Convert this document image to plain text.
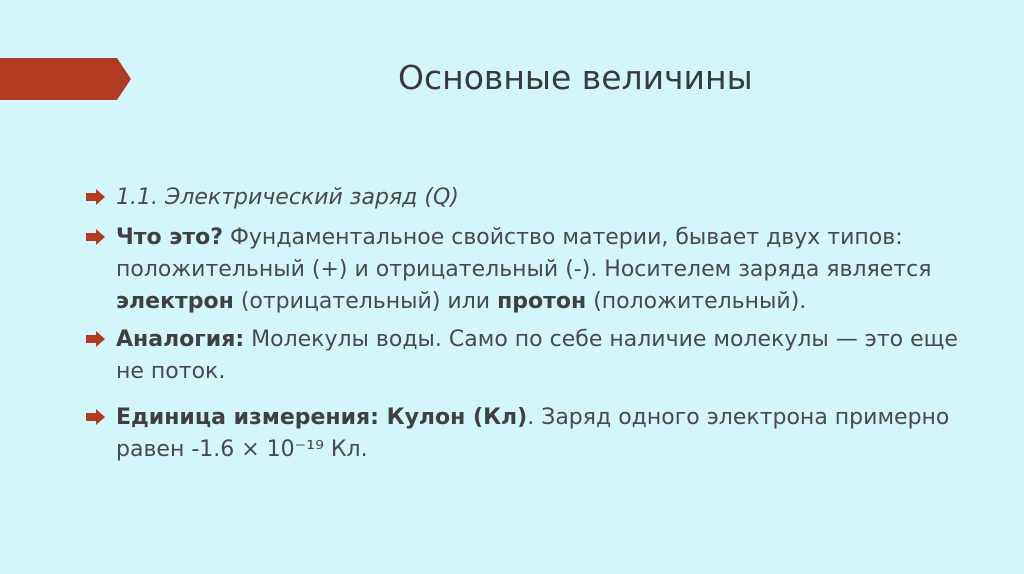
Основные величины
1.1. Электрический заряд (Q)
Что это? Фундаментальное свойство материи, бывает двух типов: положительный (+) и отрицательный (-). Носителем заряда является электрон (отрицательный) или протон (положительный).
Аналогия: Молекулы воды. Само по себе наличие молекулы — это еще не поток.
Единица измерения: Кулон (Кл). Заряд одного электрона примерно равен -1.6 × 10⁻¹⁹ Кл.
